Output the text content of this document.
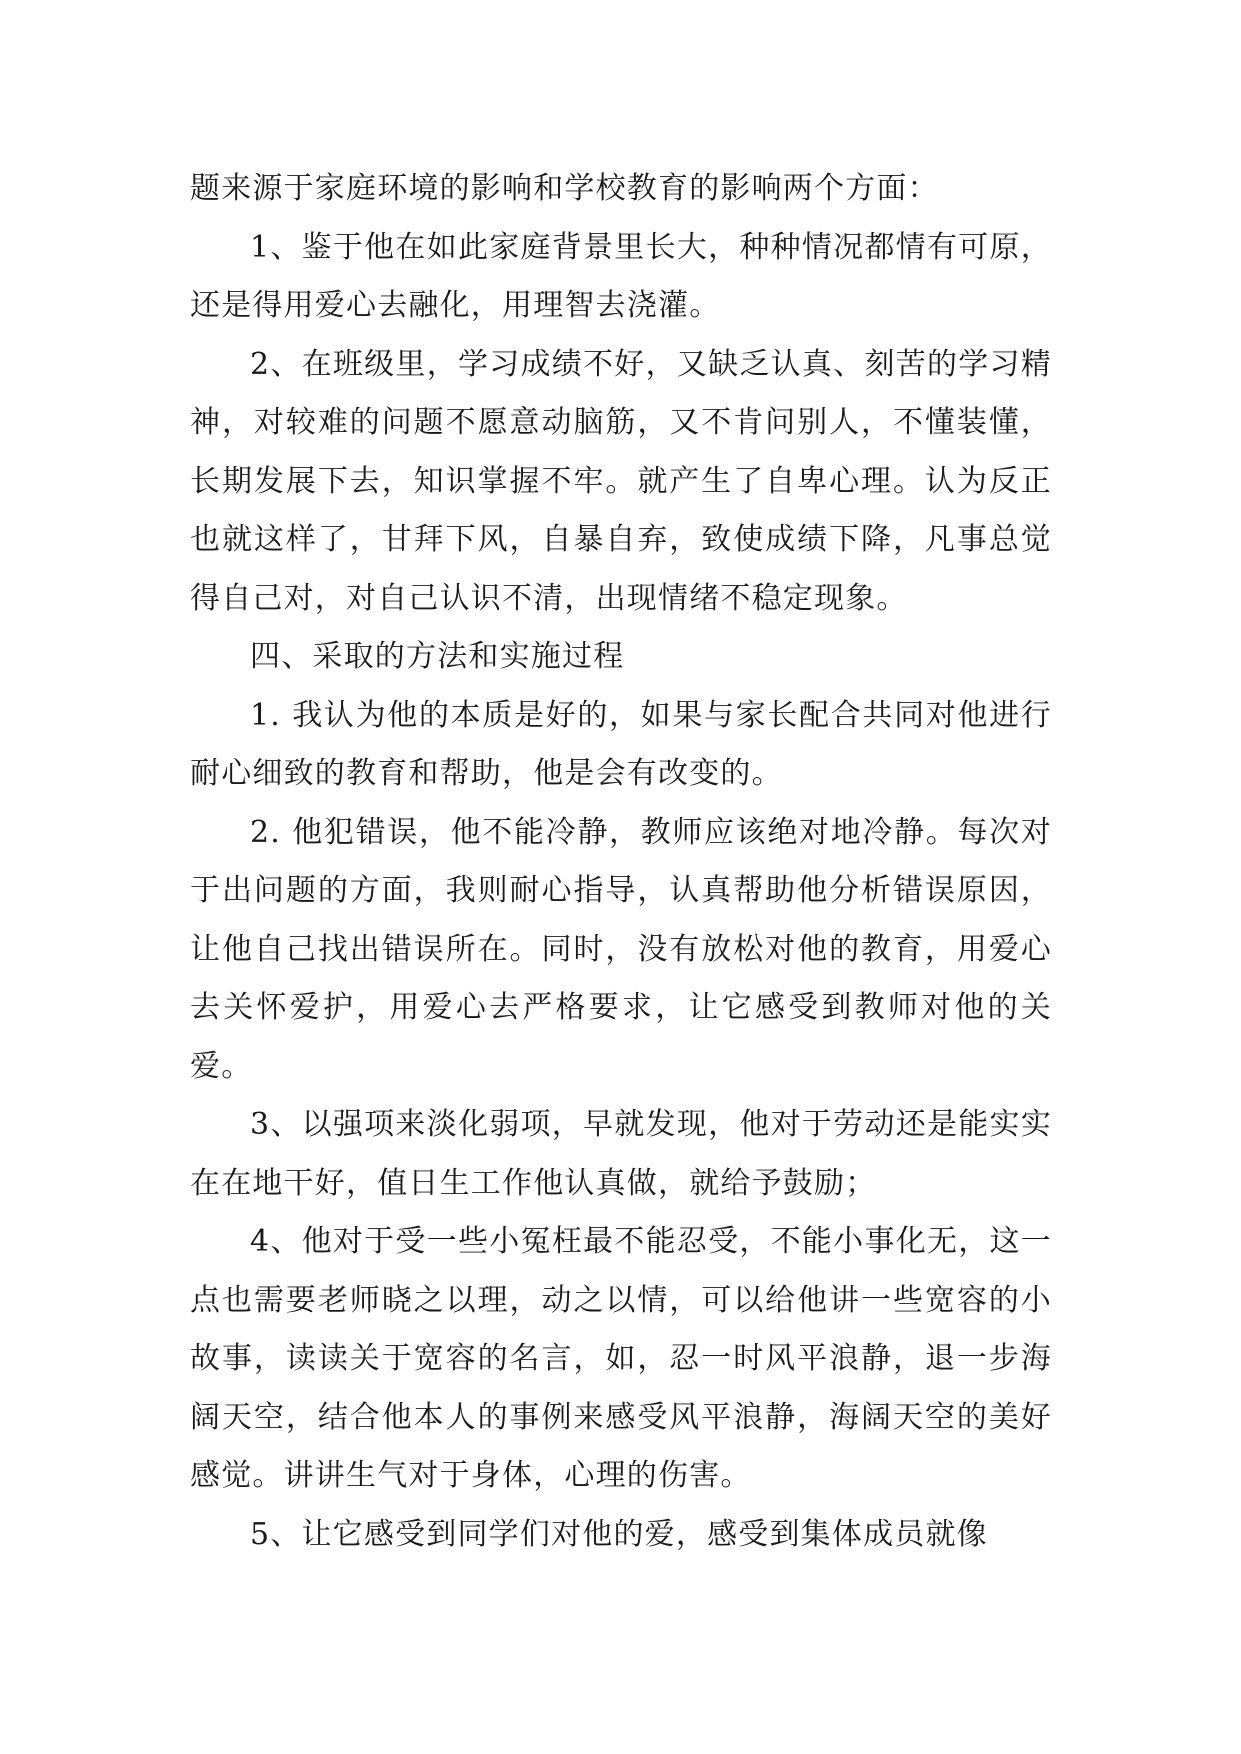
题来源于家庭环境的影响和学校教育的影响两个方面：

1、鉴于他在如此家庭背景里长大，种种情况都情有可原，还是得用爱心去融化，用理智去浇灌。

2、在班级里，学习成绩不好，又缺乏认真、刻苦的学习精神，对较难的问题不愿意动脑筋，又不肯问别人，不懂装懂，长期发展下去，知识掌握不牢。就产生了自卑心理。认为反正也就这样了，甘拜下风，自暴自弃，致使成绩下降，凡事总觉得自己对，对自己认识不清，出现情绪不稳定现象。

四、采取的方法和实施过程

1. 我认为他的本质是好的，如果与家长配合共同对他进行耐心细致的教育和帮助，他是会有改变的。

2. 他犯错误，他不能冷静，教师应该绝对地冷静。每次对于出问题的方面，我则耐心指导，认真帮助他分析错误原因，让他自己找出错误所在。同时，没有放松对他的教育，用爱心去关怀爱护，用爱心去严格要求，让它感受到教师对他的关爱。

3、以强项来淡化弱项，早就发现，他对于劳动还是能实实在在地干好，值日生工作他认真做，就给予鼓励；

4、他对于受一些小冤枉最不能忍受，不能小事化无，这一点也需要老师晓之以理，动之以情，可以给他讲一些宽容的小故事，读读关于宽容的名言，如，忍一时风平浪静，退一步海阔天空，结合他本人的事例来感受风平浪静，海阔天空的美好感觉。讲讲生气对于身体，心理的伤害。

5、让它感受到同学们对他的爱，感受到集体成员就像
